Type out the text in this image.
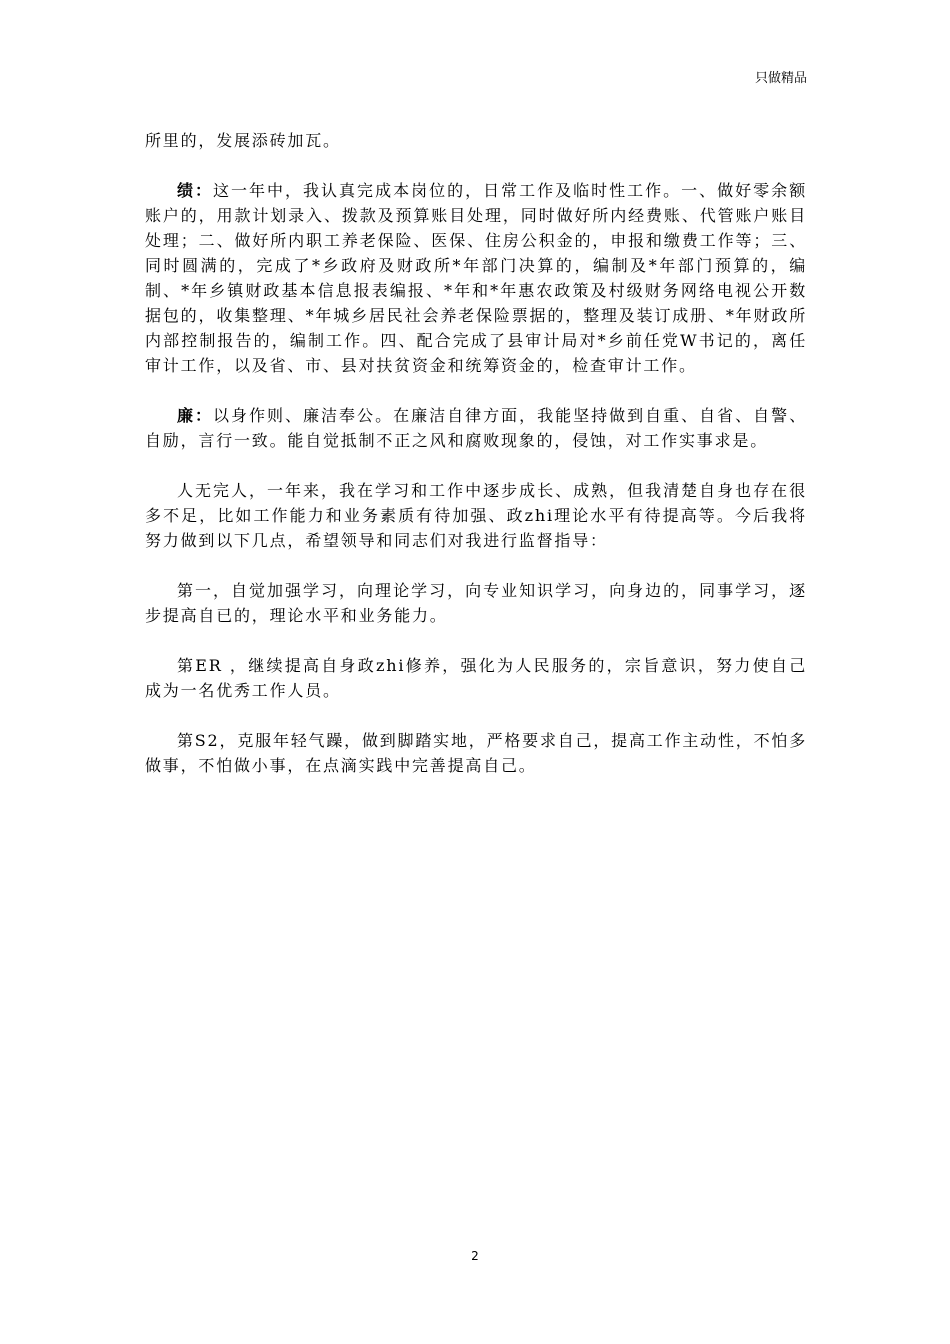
只做精品

所里的，发展添砖加瓦。

绩：这一年中，我认真完成本岗位的，日常工作及临时性工作。一、做好零余额账户的，用款计划录入、拨款及预算账目处理，同时做好所内经费账、代管账户账目处理；二、做好所内职工养老保险、医保、住房公积金的，申报和缴费工作等；三、同时圆满的，完成了*乡政府及财政所*年部门决算的，编制及*年部门预算的，编制、*年乡镇财政基本信息报表编报、*年和*年惠农政策及村级财务网络电视公开数据包的，收集整理、*年城乡居民社会养老保险票据的，整理及装订成册、*年财政所内部控制报告的，编制工作。四、配合完成了县审计局对*乡前任党W书记的，离任审计工作，以及省、市、县对扶贫资金和统筹资金的，检查审计工作。

廉：以身作则、廉洁奉公。在廉洁自律方面，我能坚持做到自重、自省、自警、自励，言行一致。能自觉抵制不正之风和腐败现象的，侵蚀，对工作实事求是。

人无完人，一年来，我在学习和工作中逐步成长、成熟，但我清楚自身也存在很多不足，比如工作能力和业务素质有待加强、政zhi理论水平有待提高等。今后我将努力做到以下几点，希望领导和同志们对我进行监督指导：

第一，自觉加强学习，向理论学习，向专业知识学习，向身边的，同事学习，逐步提高自已的，理论水平和业务能力。

第ER ，继续提高自身政zhi修养，强化为人民服务的，宗旨意识，努力使自己成为一名优秀工作人员。

第S2，克服年轻气躁，做到脚踏实地，严格要求自己，提高工作主动性，不怕多做事，不怕做小事，在点滴实践中完善提高自己。

2
